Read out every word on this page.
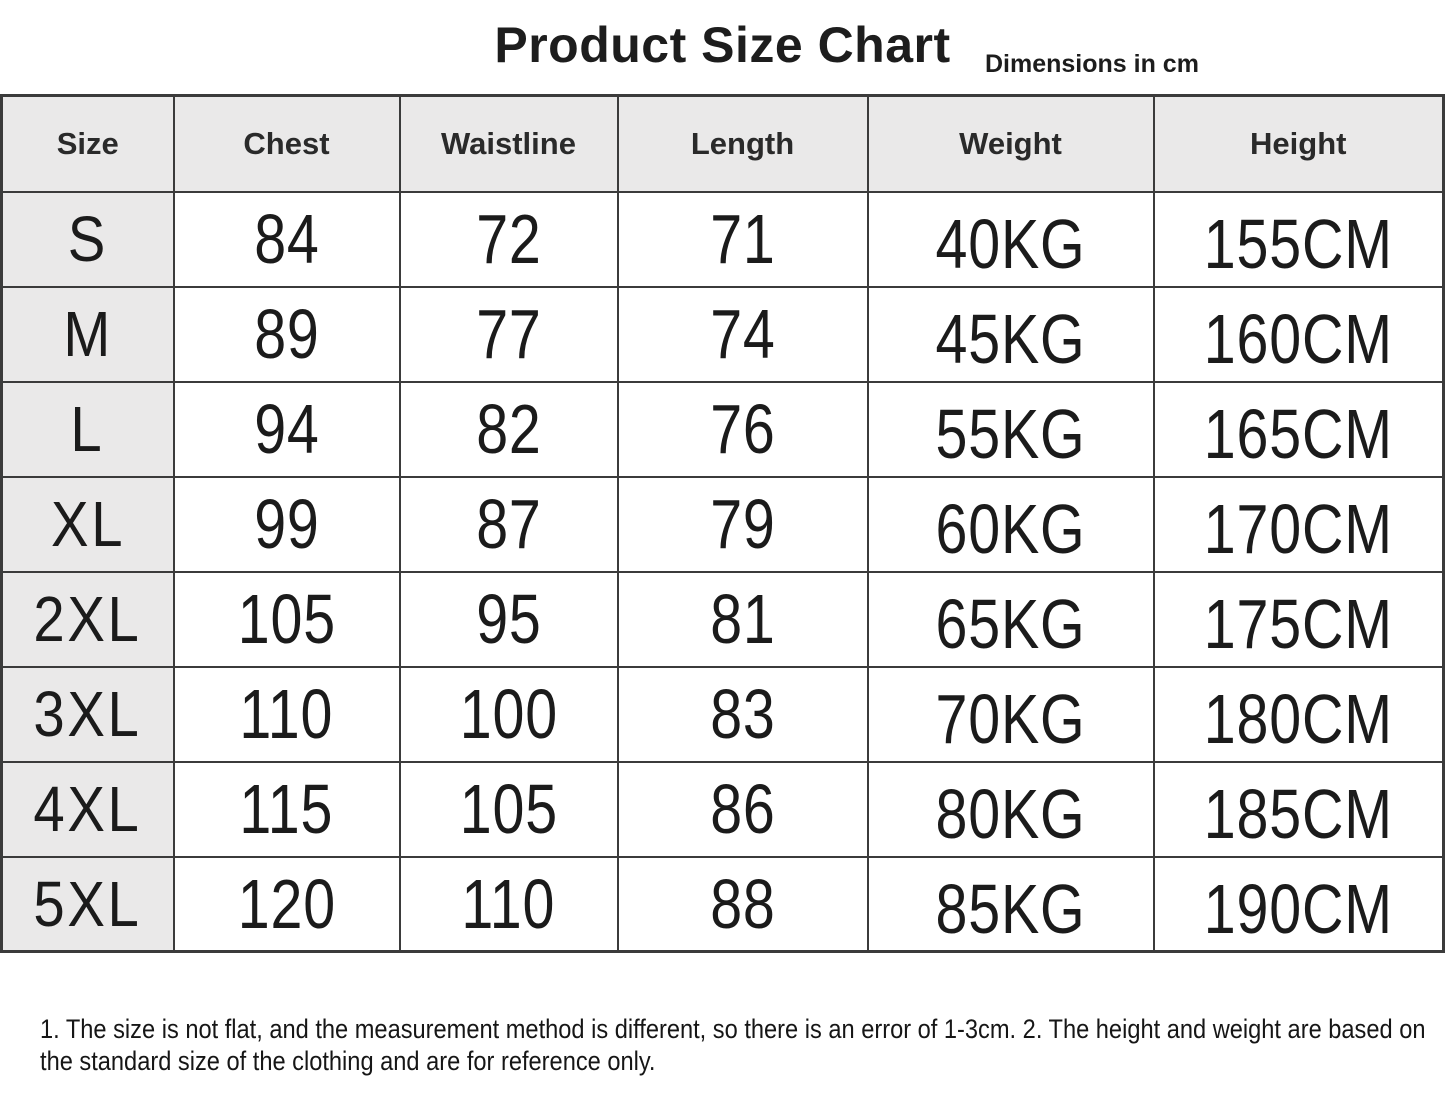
Product Size Chart	Dimensions in cm
Size	Chest	Waistline	Length	Weight	Height
S	84	72	71	40KG	155CM
M	89	77	74	45KG	160CM
L	94	82	76	55KG	165CM
XL	99	87	79	60KG	170CM
2XL	105	95	81	65KG	175CM
3XL	110	100	83	70KG	180CM
4XL	115	105	86	80KG	185CM
5XL	120	110	88	85KG	190CM

1. The size is not flat, and the measurement method is different, so there is an error of 1-3cm. 2. The height and weight are based on the standard size of the clothing and are for reference only.
